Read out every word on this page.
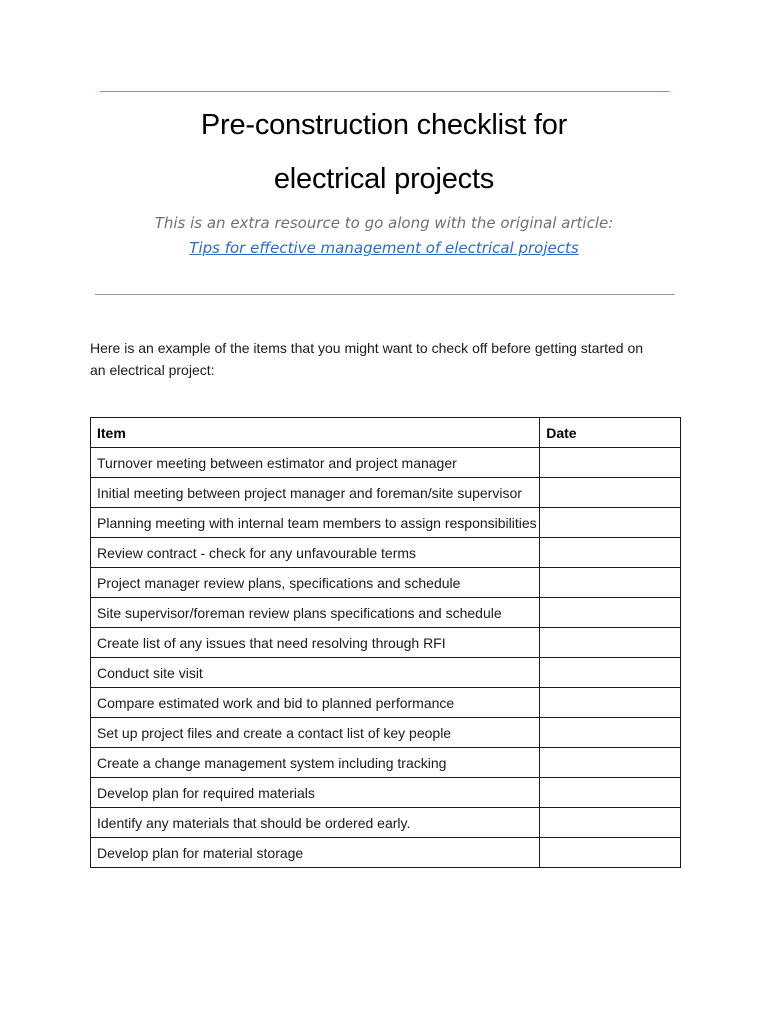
Pre-construction checklist for
electrical projects
This is an extra resource to go along with the original article:
Tips for effective management of electrical projects
Here is an example of the items that you might want to check off before getting started on
an electrical project:
Item	Date
Turnover meeting between estimator and project manager	
Initial meeting between project manager and foreman/site supervisor	
Planning meeting with internal team members to assign responsibilities	
Review contract - check for any unfavourable terms	
Project manager review plans, specifications and schedule	
Site supervisor/foreman review plans specifications and schedule	
Create list of any issues that need resolving through RFI	
Conduct site visit	
Compare estimated work and bid to planned performance	
Set up project files and create a contact list of key people	
Create a change management system including tracking	
Develop plan for required materials	
Identify any materials that should be ordered early.	
Develop plan for material storage	
